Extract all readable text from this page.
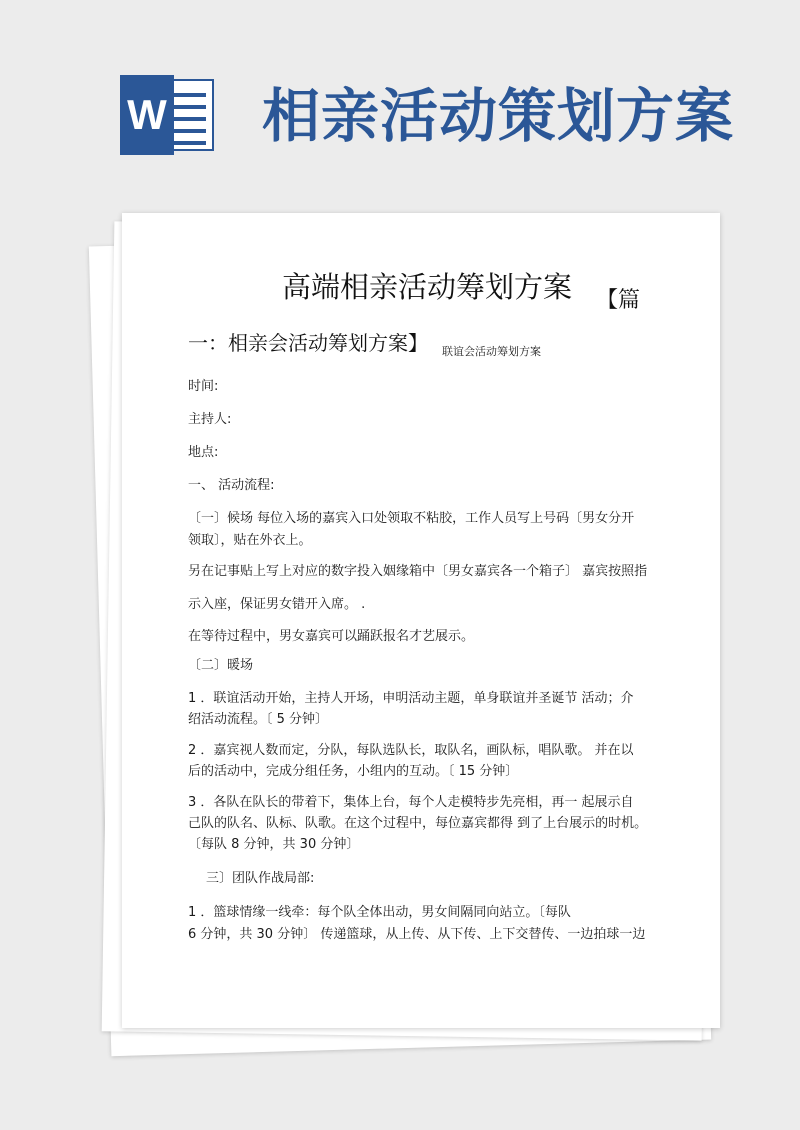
W 相亲活动策划方案
高端相亲活动筹划方案 【篇
一：相亲会活动筹划方案】 联谊会活动筹划方案
时间:
主持人:
地点:
一、 活动流程:
〔一〕候场 每位入场的嘉宾入口处领取不粘胶，工作人员写上号码〔男女分开
领取〕，贴在外衣上。
另在记事贴上写上对应的数字投入姻缘箱中〔男女嘉宾各一个箱子〕 嘉宾按照指
示入座，保证男女错开入席。 .
在等待过程中，男女嘉宾可以踊跃报名才艺展示。
〔二〕暖场
1 ．联谊活动开始，主持人开场，申明活动主题，单身联谊并圣诞节 活动；介
绍活动流程。〔 5 分钟〕
2 ．嘉宾视人数而定，分队，每队选队长，取队名，画队标，唱队歌。 并在以
后的活动中，完成分组任务，小组内的互动。〔 15 分钟〕
3 ．各队在队长的带着下，集体上台，每个人走模特步先亮相，再一 起展示自
己队的队名、队标、队歌。在这个过程中，每位嘉宾都得 到了上台展示的时机。
〔每队 8 分钟，共 30 分钟〕
三〕团队作战局部:
1 ．篮球情缘一线牵：每个队全体出动，男女间隔同向站立。〔每队
6 分钟，共 30 分钟〕 传递篮球，从上传、从下传、上下交替传、一边拍球一边
